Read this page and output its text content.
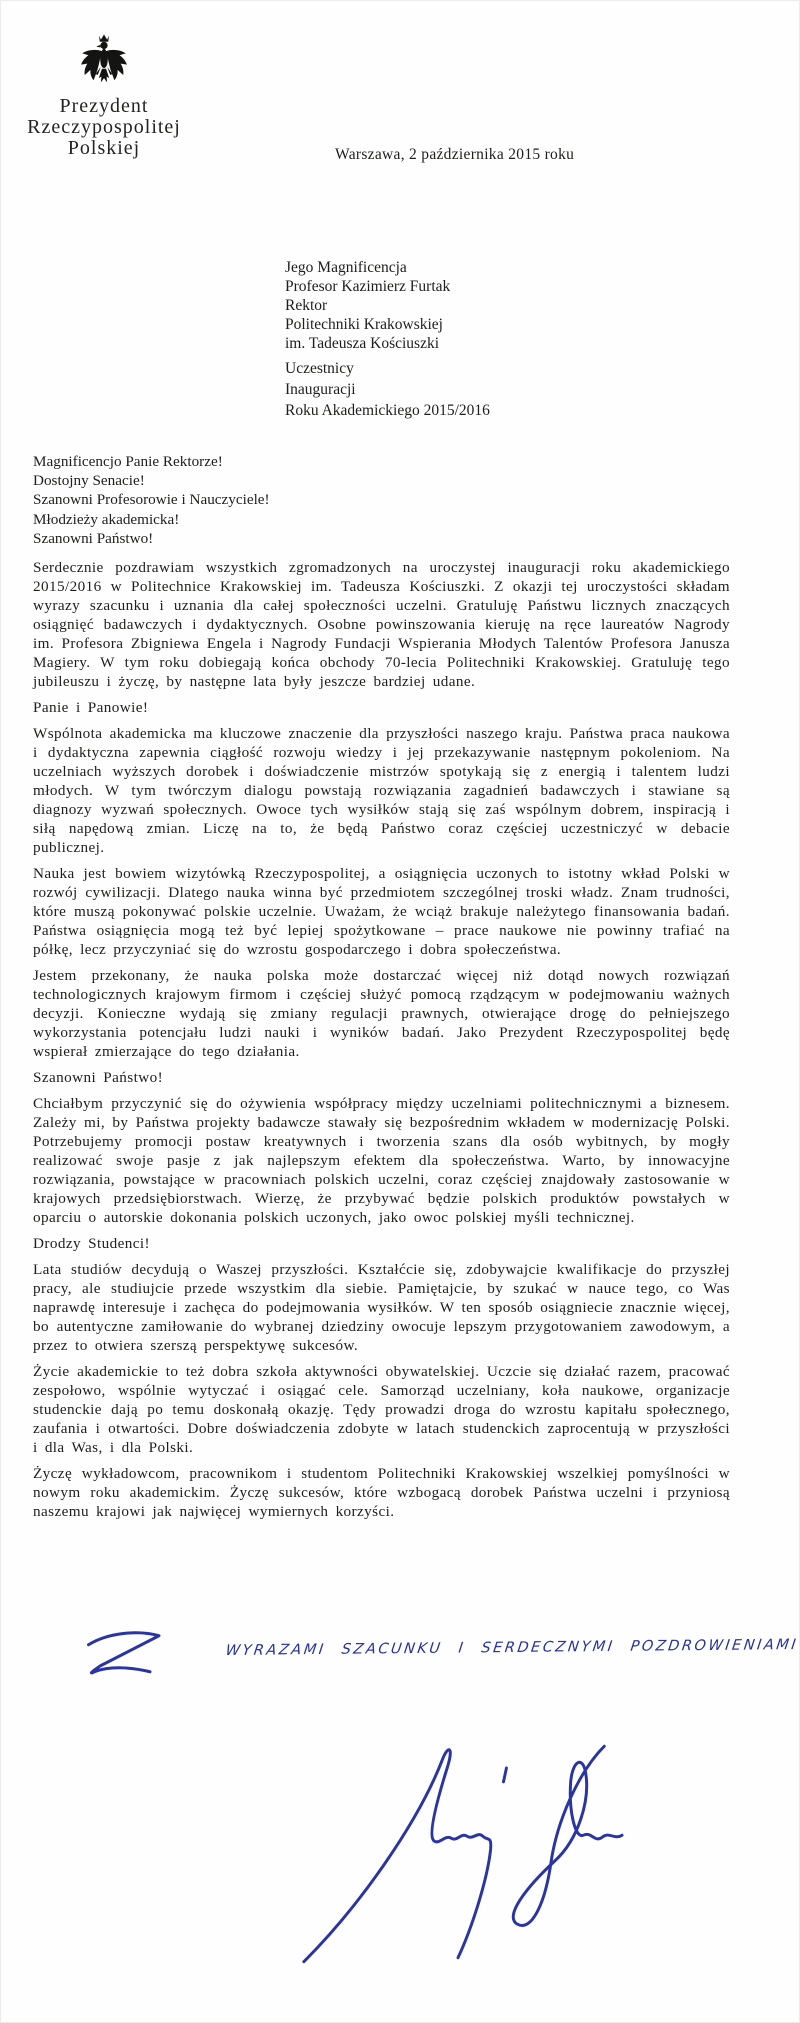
Prezydent
Rzeczypospolitej Polskiej	Warszawa, 2 października 2015 roku
Jego Magnificencja
Profesor Kazimierz Furtak
Rektor
Politechniki Krakowskiej
im. Tadeusza Kościuszki
Uczestnicy
Inauguracji
Roku Akademickiego 2015/2016
Magnificencjo Panie Rektorze!
Dostojny Senacie!
Szanowni Profesorowie i Nauczyciele!
Młodzieży akademicka!
Szanowni Państwo!

Serdecznie pozdrawiam wszystkich zgromadzonych na uroczystej inauguracji roku akademickiego 2015/2016 w Politechnice Krakowskiej im. Tadeusza Kościuszki. Z okazji tej uroczystości składam wyrazy szacunku i uznania dla całej społeczności uczelni. Gratuluję Państwu licznych znaczących osiągnięć badawczych i dydaktycznych. Osobne powinszowania kieruję na ręce laureatów Nagrody im. Profesora Zbigniewa Engela i Nagrody Fundacji Wspierania Młodych Talentów Profesora Janusza Magiery. W tym roku dobiegają końca obchody 70-lecia Politechniki Krakowskiej. Gratuluję tego jubileuszu i życzę, by następne lata były jeszcze bardziej udane.

Panie i Panowie!

Wspólnota akademicka ma kluczowe znaczenie dla przyszłości naszego kraju. Państwa praca naukowa i dydaktyczna zapewnia ciągłość rozwoju wiedzy i jej przekazywanie następnym pokoleniom. Na uczelniach wyższych dorobek i doświadczenie mistrzów spotykają się z energią i talentem ludzi młodych. W tym twórczym dialogu powstają rozwiązania zagadnień badawczych i stawiane są diagnozy wyzwań społecznych. Owoce tych wysiłków stają się zaś wspólnym dobrem, inspiracją i siłą napędową zmian. Liczę na to, że będą Państwo coraz częściej uczestniczyć w debacie publicznej.

Nauka jest bowiem wizytówką Rzeczypospolitej, a osiągnięcia uczonych to istotny wkład Polski w rozwój cywilizacji. Dlatego nauka winna być przedmiotem szczególnej troski władz. Znam trudności, które muszą pokonywać polskie uczelnie. Uważam, że wciąż brakuje należytego finansowania badań. Państwa osiągnięcia mogą też być lepiej spożytkowane – prace naukowe nie powinny trafiać na półkę, lecz przyczyniać się do wzrostu gospodarczego i dobra społeczeństwa.

Jestem przekonany, że nauka polska może dostarczać więcej niż dotąd nowych rozwiązań technologicznych krajowym firmom i częściej służyć pomocą rządzącym w podejmowaniu ważnych decyzji. Konieczne wydają się zmiany regulacji prawnych, otwierające drogę do pełniejszego wykorzystania potencjału ludzi nauki i wyników badań. Jako Prezydent Rzeczypospolitej będę wspierał zmierzające do tego działania.

Szanowni Państwo!

Chciałbym przyczynić się do ożywienia współpracy między uczelniami politechnicznymi a biznesem. Zależy mi, by Państwa projekty badawcze stawały się bezpośrednim wkładem w modernizację Polski. Potrzebujemy promocji postaw kreatywnych i tworzenia szans dla osób wybitnych, by mogły realizować swoje pasje z jak najlepszym efektem dla społeczeństwa. Warto, by innowacyjne rozwiązania, powstające w pracowniach polskich uczelni, coraz częściej znajdowały zastosowanie w krajowych przedsiębiorstwach. Wierzę, że przybywać będzie polskich produktów powstałych w oparciu o autorskie dokonania polskich uczonych, jako owoc polskiej myśli technicznej.

Drodzy Studenci!

Lata studiów decydują o Waszej przyszłości. Kształćcie się, zdobywajcie kwalifikacje do przyszłej pracy, ale studiujcie przede wszystkim dla siebie. Pamiętajcie, by szukać w nauce tego, co Was naprawdę interesuje i zachęca do podejmowania wysiłków. W ten sposób osiągniecie znacznie więcej, bo autentyczne zamiłowanie do wybranej dziedziny owocuje lepszym przygotowaniem zawodowym, a przez to otwiera szerszą perspektywę sukcesów.

Życie akademickie to też dobra szkoła aktywności obywatelskiej. Uczcie się działać razem, pracować zespołowo, wspólnie wytyczać i osiągać cele. Samorząd uczelniany, koła naukowe, organizacje studenckie dają po temu doskonałą okazję. Tędy prowadzi droga do wzrostu kapitału społecznego, zaufania i otwartości. Dobre doświadczenia zdobyte w latach studenckich zaprocentują w przyszłości i dla Was, i dla Polski.

Życzę wykładowcom, pracownikom i studentom Politechniki Krakowskiej wszelkiej pomyślności w nowym roku akademickim. Życzę sukcesów, które wzbogacą dorobek Państwa uczelni i przyniosą naszemu krajowi jak najwięcej wymiernych korzyści.

WYRAZAMI SZACUNKU I SERDECZNYMI POZDROWIENIAMI
